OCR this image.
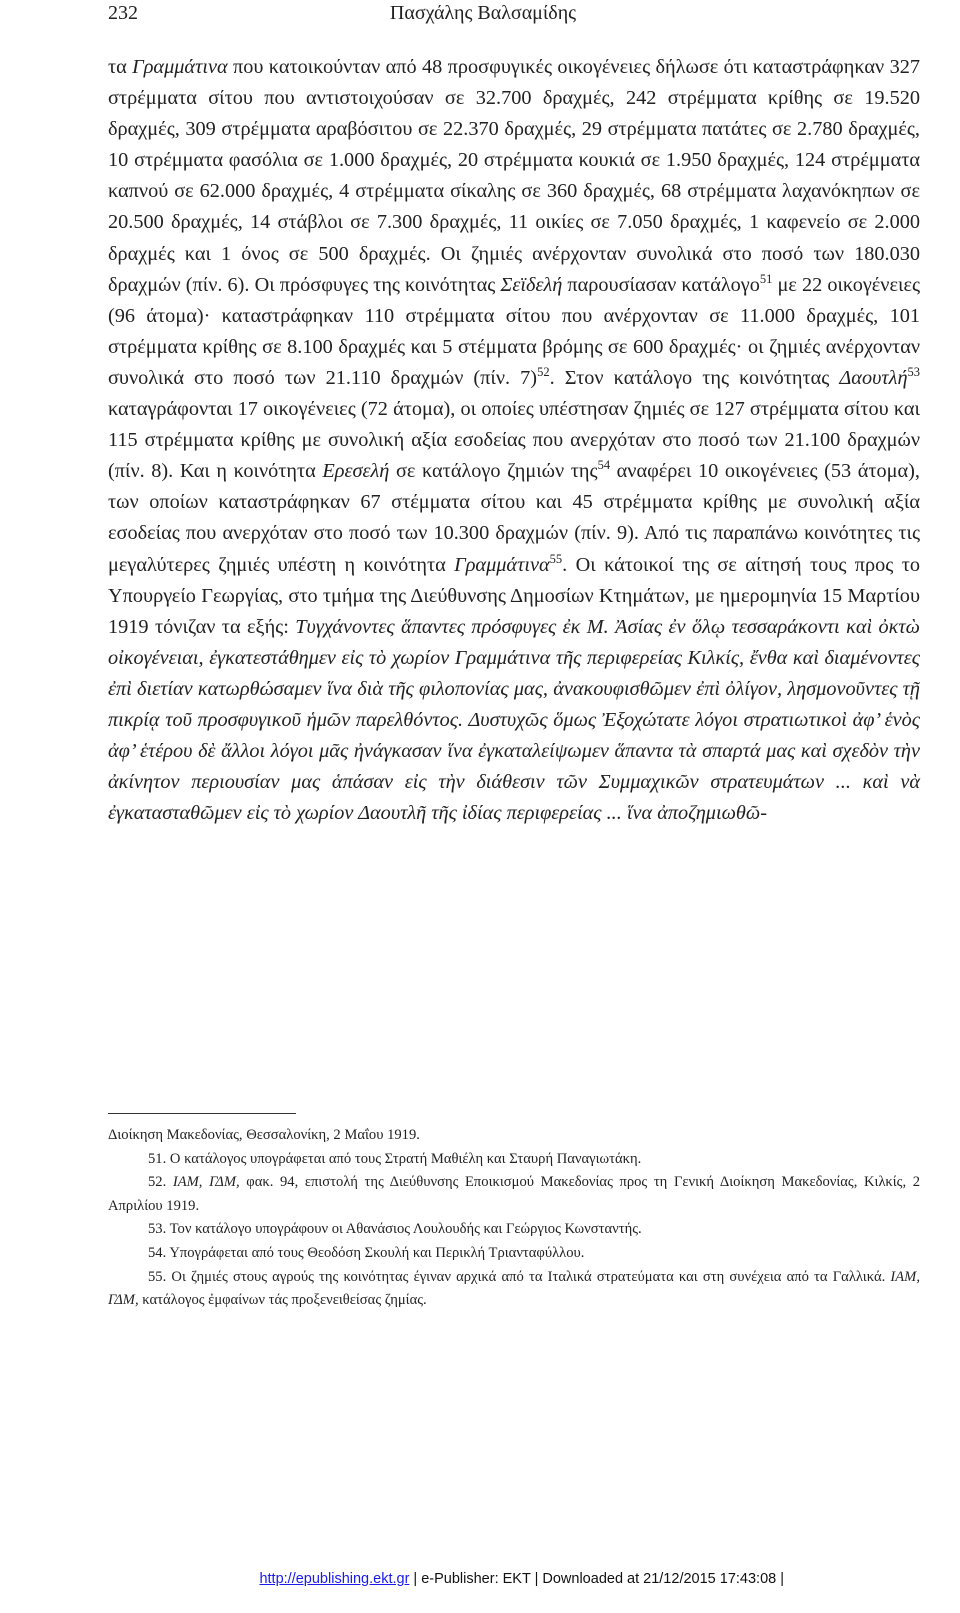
232	Πασχάλης Βαλσαμίδης

τα Γραμμάτινα που κατοικούνταν από 48 προσφυγικές οικογένειες δήλωσε ότι καταστράφηκαν 327 στρέμματα σίτου που αντιστοιχούσαν σε 32.700 δραχμές, 242 στρέμματα κρίθης σε 19.520 δραχμές, 309 στρέμματα αραβόσιτου σε 22.370 δραχμές, 29 στρέμματα πατάτες σε 2.780 δραχμές, 10 στρέμματα φασόλια σε 1.000 δραχμές, 20 στρέμματα κουκιά σε 1.950 δραχμές, 124 στρέμματα καπνού σε 62.000 δραχμές, 4 στρέμματα σίκαλης σε 360 δραχμές, 68 στρέμματα λαχανόκηπων σε 20.500 δραχμές, 14 στάβλοι σε 7.300 δραχμές, 11 οικίες σε 7.050 δραχμές, 1 καφενείο σε 2.000 δραχμές και 1 όνος σε 500 δραχμές. Οι ζημιές ανέρχονταν συνολικά στο ποσό των 180.030 δραχμών (πίν. 6). Οι πρόσφυγες της κοινότητας Σεϊδελή παρουσίασαν κατάλογο$^{51}$ με 22 οικογένειες (96 άτομα)· καταστράφηκαν 110 στρέμματα σίτου που ανέρχονταν σε 11.000 δραχμές, 101 στρέμματα κρίθης σε 8.100 δραχμές και 5 στέμματα βρόμης σε 600 δραχμές· οι ζημιές ανέρχονταν συνολικά στο ποσό των 21.110 δραχμών (πίν. 7)$^{52}$. Στον κατάλογο της κοινότητας Δαουτλή$^{53}$ καταγράφονται 17 οικογένειες (72 άτομα), οι οποίες υπέστησαν ζημιές σε 127 στρέμματα σίτου και 115 στρέμματα κρίθης με συνολική αξία εσοδείας που ανερχόταν στο ποσό των 21.100 δραχμών (πίν. 8). Και η κοινότητα Ερεσελή σε κατάλογο ζημιών της$^{54}$ αναφέρει 10 οικογένειες (53 άτομα), των οποίων καταστράφηκαν 67 στέμματα σίτου και 45 στρέμματα κρίθης με συνολική αξία εσοδείας που ανερχόταν στο ποσό των 10.300 δραχμών (πίν. 9). Από τις παραπάνω κοινότητες τις μεγαλύτερες ζημιές υπέστη η κοινότητα Γραμμάτινα$^{55}$. Οι κάτοικοί της σε αίτησή τους προς το Υπουργείο Γεωργίας, στο τμήμα της Διεύθυνσης Δημοσίων Κτημάτων, με ημερομηνία 15 Μαρτίου 1919 τόνιζαν τα εξής: Τυγχάνοντες ἅπαντες πρόσφυγες ἐκ Μ. Ἀσίας ἐν ὅλῳ τεσσαράκοντι καὶ ὀκτὼ οἰκογένειαι, ἐγκατεστάθημεν εἰς τὸ χωρίον Γραμμάτινα τῆς περιφερείας Κιλκίς, ἔνθα καὶ διαμένοντες ἐπὶ διετίαν κατωρθώσαμεν ἵνα διὰ τῆς φιλοπονίας μας, ἀνακουφισθῶμεν ἐπὶ ὀλίγον, λησμονοῦντες τῇ πικρίᾳ τοῦ προσφυγικοῦ ἡμῶν παρελθόντος. Δυστυχῶς ὅμως Ἐξοχώτατε λόγοι στρατιωτικοὶ ἀφ’ ἑνὸς ἀφ’ ἑτέρου δὲ ἄλλοι λόγοι μᾶς ἠνάγκασαν ἵνα ἐγκαταλείψωμεν ἅπαντα τὰ σπαρτά μας καὶ σχεδὸν τὴν ἀκίνητον περιουσίαν μας ἁπάσαν εἰς τὴν διάθεσιν τῶν Συμμαχικῶν στρατευμάτων ... καὶ νὰ ἐγκατασταθῶμεν εἰς τὸ χωρίον Δαουτλῆ τῆς ἰδίας περιφερείας ... ἵνα ἀποζημιωθῶ-

Διοίκηση Μακεδονίας, Θεσσαλονίκη, 2 Μαΐου 1919.

51. Ο κατάλογος υπογράφεται από τους Στρατή Μαθιέλη και Σταυρή Παναγιωτάκη.

52. ΙΑΜ, ΓΔΜ, φακ. 94, επιστολή της Διεύθυνσης Εποικισμού Μακεδονίας προς τη Γενική Διοίκηση Μακεδονίας, Κιλκίς, 2 Απριλίου 1919.

53. Τον κατάλογο υπογράφουν οι Αθανάσιος Λουλουδής και Γεώργιος Κωνσταντής.

54. Υπογράφεται από τους Θεοδόση Σκουλή και Περικλή Τριανταφύλλου.

55. Οι ζημιές στους αγρούς της κοινότητας έγιναν αρχικά από τα Ιταλικά στρατεύματα και στη συνέχεια από τα Γαλλικά. ΙΑΜ, ΓΔΜ, κατάλογος ἐμφαίνων τάς προξενειθείσας ζημίας.

http://epublishing.ekt.gr | e-Publisher: EKT | Downloaded at 21/12/2015 17:43:08 |
